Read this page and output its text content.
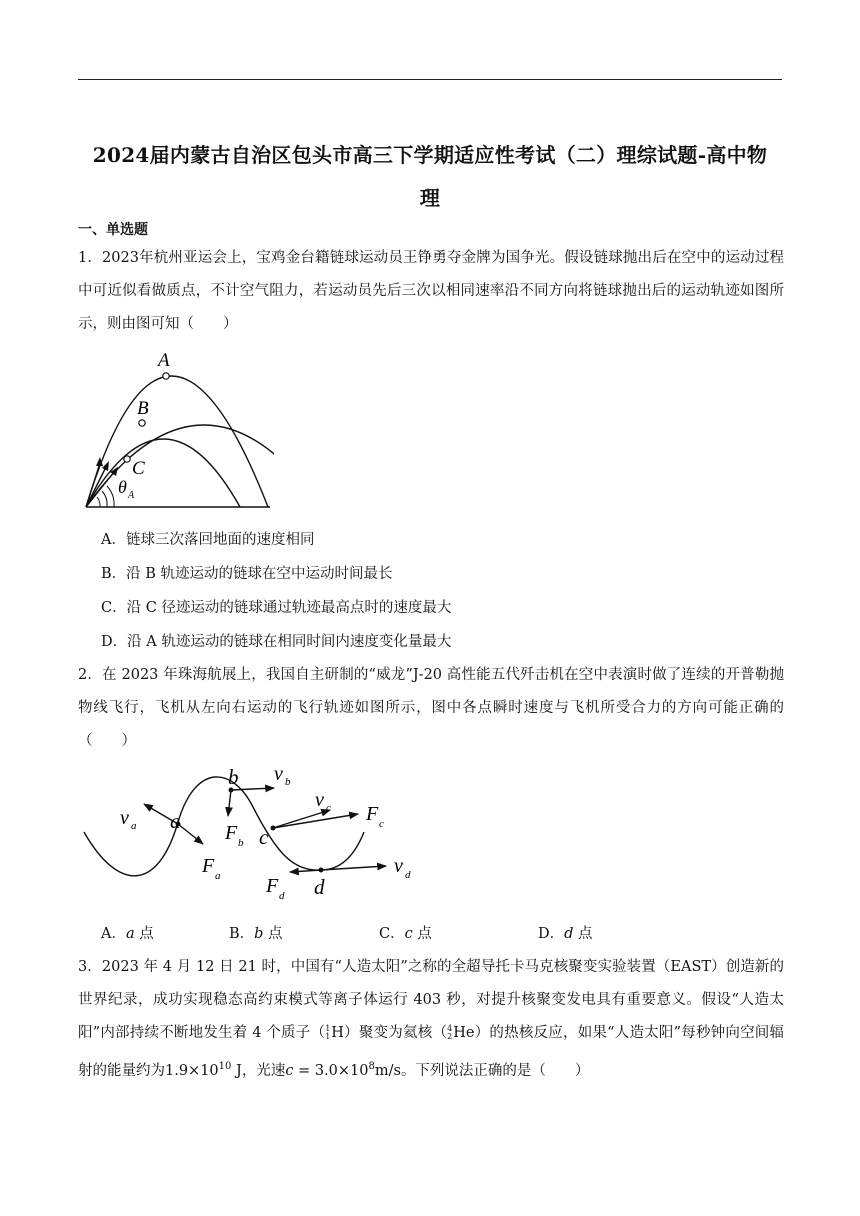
2024届内蒙古自治区包头市高三下学期适应性考试（二）理综试题-高中物
理
一、单选题
1．2023年杭州亚运会上，宝鸡金台籍链球运动员王铮勇夺金牌为国争光。假设链球抛出后在空中的运动过程中可近似看做质点，不计空气阻力，若运动员先后三次以相同速率沿不同方向将链球抛出后的运动轨迹如图所示，则由图可知（　　）
A
B
C
θ A
A．链球三次落回地面的速度相同
B．沿 B 轨迹运动的链球在空中运动时间最长
C．沿 C 径迹运动的链球通过轨迹最高点时的速度最大
D．沿 A 轨迹运动的链球在相同时间内速度变化量最大
2．在 2023 年珠海航展上，我国自主研制的“威龙”J-20 高性能五代歼击机在空中表演时做了连续的开普勒抛物线飞行，飞机从左向右运动的飞行轨迹如图所示，图中各点瞬时速度与飞机所受合力的方向可能正确的（　　）
a
b
c
d
v a
v b
v c
v d
F a
F b
F c
F d
A．a 点	B．b 点	C．c 点	D．d 点
3．2023 年 4 月 12 日 21 时，中国有“人造太阳”之称的全超导托卡马克核聚变实验装置（EAST）创造新的世界纪录，成功实现稳态高约束模式等离子体运行 403 秒，对提升核聚变发电具有重要意义。假设“人造太阳”内部持续不断地发生着 4 个质子（ 1
1 H）聚变为氦核（ 4
2 He）的热核反应，如果“人造太阳”每秒钟向空间辐射的能量约为$1.9\times 10^{10}$ J，光速$c = 3.0\times 10^8m/s$。下列说法正确的是（　　）
